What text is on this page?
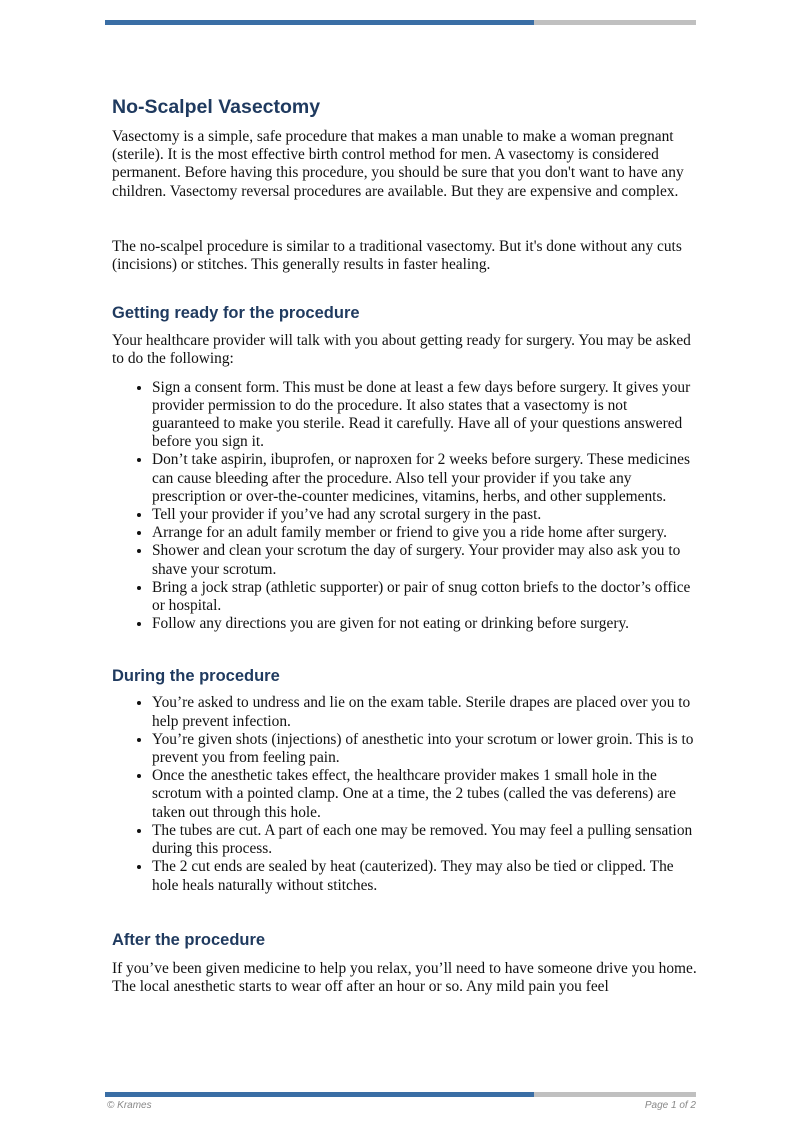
No-Scalpel Vasectomy

Vasectomy is a simple, safe procedure that makes a man unable to make a woman pregnant (sterile). It is the most effective birth control method for men. A vasectomy is considered permanent. Before having this procedure, you should be sure that you don't want to have any children. Vasectomy reversal procedures are available. But they are expensive and complex.

The no-scalpel procedure is similar to a traditional vasectomy. But it's done without any cuts (incisions) or stitches. This generally results in faster healing.

Getting ready for the procedure

Your healthcare provider will talk with you about getting ready for surgery. You may be asked to do the following:

• Sign a consent form. This must be done at least a few days before surgery. It gives your provider permission to do the procedure. It also states that a vasectomy is not guaranteed to make you sterile. Read it carefully. Have all of your questions answered before you sign it.
• Don’t take aspirin, ibuprofen, or naproxen for 2 weeks before surgery. These medicines can cause bleeding after the procedure. Also tell your provider if you take any prescription or over-the-counter medicines, vitamins, herbs, and other supplements.
• Tell your provider if you’ve had any scrotal surgery in the past.
• Arrange for an adult family member or friend to give you a ride home after surgery.
• Shower and clean your scrotum the day of surgery. Your provider may also ask you to shave your scrotum.
• Bring a jock strap (athletic supporter) or pair of snug cotton briefs to the doctor’s office or hospital.
• Follow any directions you are given for not eating or drinking before surgery.
During the procedure
• You’re asked to undress and lie on the exam table. Sterile drapes are placed over you to help prevent infection.
• You’re given shots (injections) of anesthetic into your scrotum or lower groin. This is to prevent you from feeling pain.
• Once the anesthetic takes effect, the healthcare provider makes 1 small hole in the scrotum with a pointed clamp. One at a time, the 2 tubes (called the vas deferens) are taken out through this hole.
• The tubes are cut. A part of each one may be removed. You may feel a pulling sensation during this process.
• The 2 cut ends are sealed by heat (cauterized). They may also be tied or clipped. The hole heals naturally without stitches.
After the procedure

If you’ve been given medicine to help you relax, you’ll need to have someone drive you home. The local anesthetic starts to wear off after an hour or so. Any mild pain you feel

© Krames	Page 1 of 2
